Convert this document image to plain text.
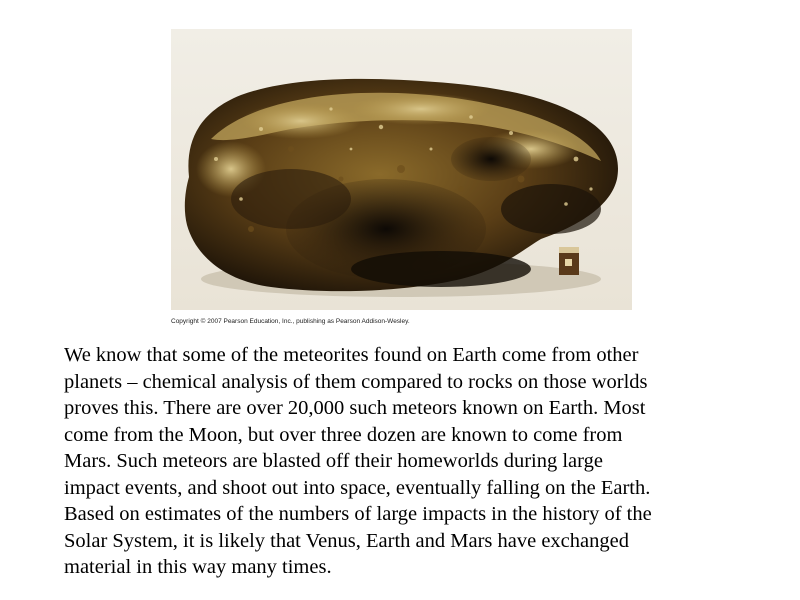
Copyright © 2007 Pearson Education, Inc., publishing as Pearson Addison-Wesley.

We know that some of the meteorites found on Earth come from other
planets – chemical analysis of them compared to rocks on those worlds
proves this. There are over 20,000 such meteors known on Earth. Most
come from the Moon, but over three dozen are known to come from
Mars. Such meteors are blasted off their homeworlds during large
impact events, and shoot out into space, eventually falling on the Earth.
Based on estimates of the numbers of large impacts in the history of the
Solar System, it is likely that Venus, Earth and Mars have exchanged
material in this way many times.
